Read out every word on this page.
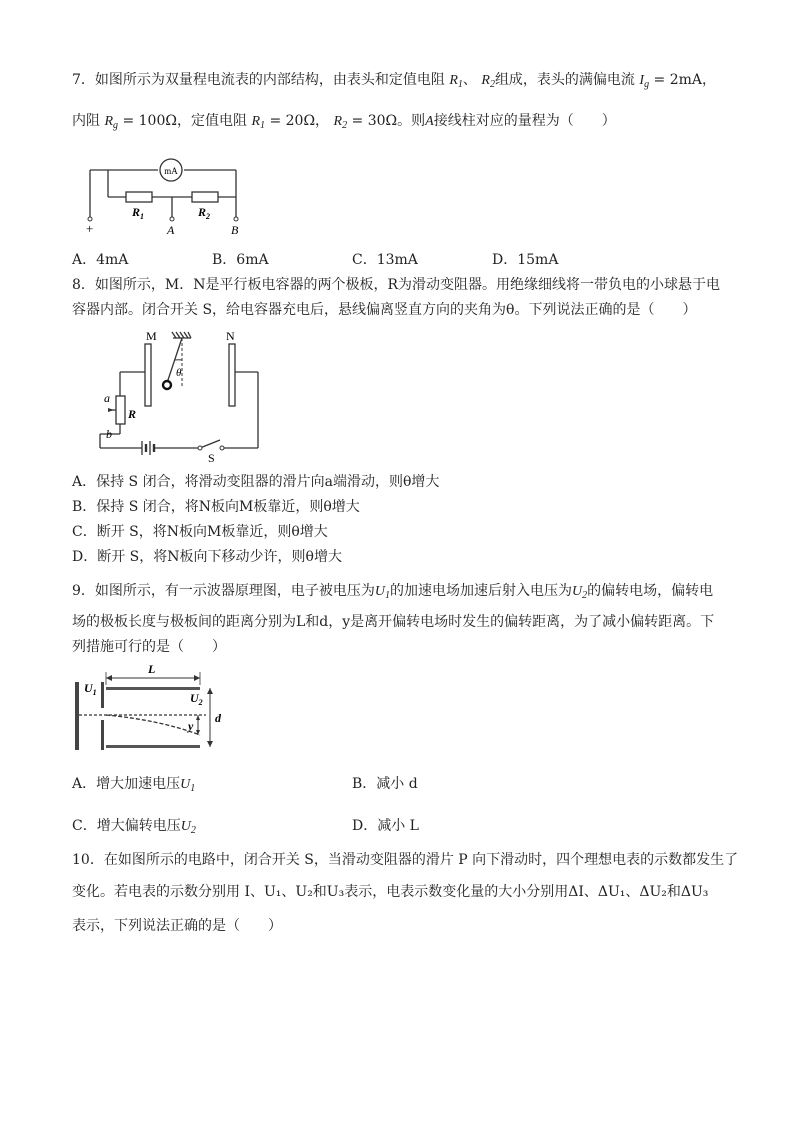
7．如图所示为双量程电流表的内部结构，由表头和定值电阻 $R_1$、 $R_2$组成，表头的满偏电流 $I_g = 2mA$，
内阻 $R_g = 100\Omega$，定值电阻 $R_1 = 20\Omega$， $R_2 = 30\Omega$。则A接线柱对应的量程为（　　）
mA
$R_1$	$R_2$
+	A	B
A．4mA	B．6mA	C．13mA	D．15mA
8．如图所示，M．N是平行板电容器的两个极板，R为滑动变阻器。用绝缘细线将一带负电的小球悬于电
容器内部。闭合开关 S，给电容器充电后，悬线偏离竖直方向的夹角为θ。下列说法正确的是（　　）
M	N
θ
a
R
b
S
A．保持 S 闭合，将滑动变阻器的滑片向a端滑动，则θ增大
B．保持 S 闭合，将N板向M板靠近，则θ增大
C．断开 S，将N板向M板靠近，则θ增大
D．断开 S，将N板向下移动少许，则θ增大
9．如图所示，有一示波器原理图，电子被电压为$U_1$的加速电场加速后射入电压为$U_2$的偏转电场，偏转电
场的极板长度与极板间的距离分别为L和d，y是离开偏转电场时发生的偏转距离，为了减小偏转距离。下
列措施可行的是（　　）
$U_1$
L
$U_2$
y
d
A．增大加速电压$U_1$	B．减小 d
C．增大偏转电压$U_2$	D．减小 L
10．在如图所示的电路中，闭合开关 S，当滑动变阻器的滑片 P 向下滑动时，四个理想电表的示数都发生了
变化。若电表的示数分别用 I、U₁、U₂和U₃表示，电表示数变化量的大小分别用ΔI、ΔU₁、ΔU₂和ΔU₃
表示，下列说法正确的是（　　）
